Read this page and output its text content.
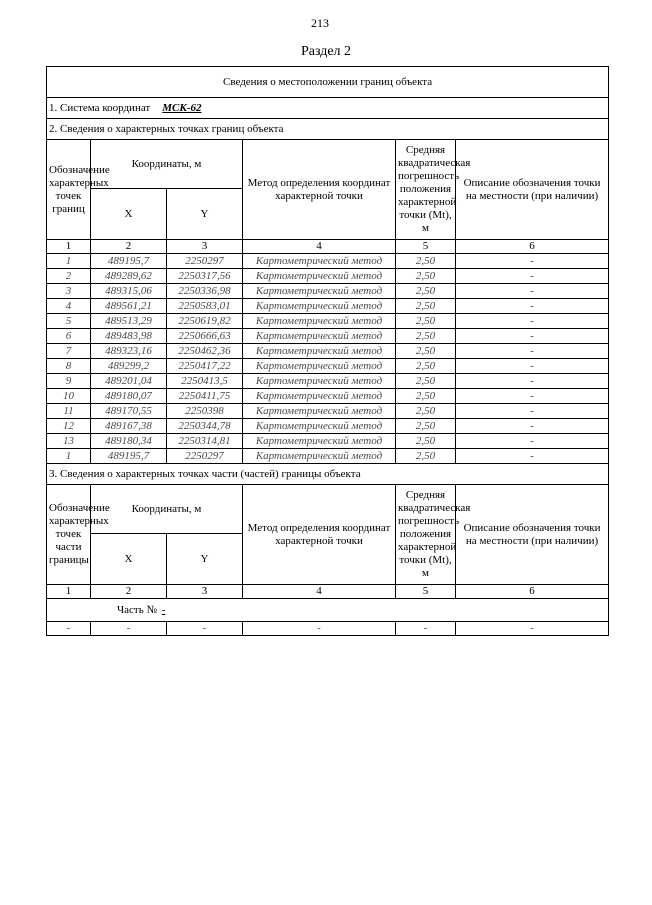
213
Раздел 2
Сведения о местоположении границ объекта					
1. Система координат МСК-62					
2. Сведения о характерных точках границ объекта					
Обозначение характерных точек границ	Координаты, м		Метод определения координат характерной точки	Средняя квадратическая погрешность положения характерной точки (Mt), м	Описание обозначения точки на местности (при наличии)
	X	Y			
1	2	3	4	5	6
1	489195,7	2250297	Картометрический метод	2,50	-
2	489289,62	2250317,56	Картометрический метод	2,50	-
3	489315,06	2250336,98	Картометрический метод	2,50	-
4	489561,21	2250583,01	Картометрический метод	2,50	-
5	489513,29	2250619,82	Картометрический метод	2,50	-
6	489483,98	2250666,63	Картометрический метод	2,50	-
7	489323,16	2250462,36	Картометрический метод	2,50	-
8	489299,2	2250417,22	Картометрический метод	2,50	-
9	489201,04	2250413,5	Картометрический метод	2,50	-
10	489180,07	2250411,75	Картометрический метод	2,50	-
11	489170,55	2250398	Картометрический метод	2,50	-
12	489167,38	2250344,78	Картометрический метод	2,50	-
13	489180,34	2250314,81	Картометрический метод	2,50	-
1	489195,7	2250297	Картометрический метод	2,50	-
3. Сведения о характерных точках части (частей) границы объекта					
Обозначение характерных точек части границы	Координаты, м		Метод определения координат характерной точки	Средняя квадратическая погрешность положения характерной точки (Mt), м	Описание обозначения точки на местности (при наличии)
	X	Y			
1	2	3	4	5	6
Часть № -					
-	-	-	-	-	-
